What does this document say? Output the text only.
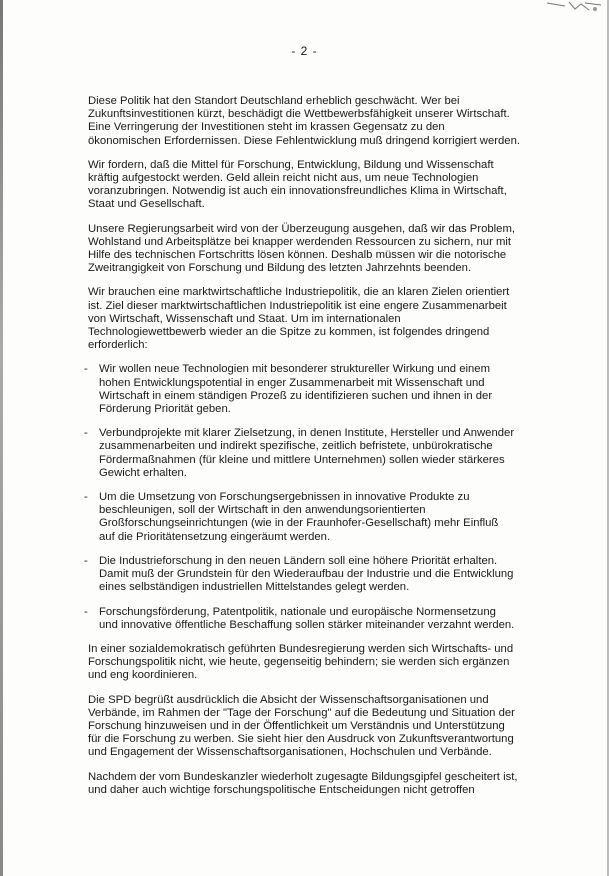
- 2 -
Diese Politik hat den Standort Deutschland erheblich geschwächt. Wer bei
Zukunftsinvestitionen kürzt, beschädigt die Wettbewerbsfähigkeit unserer Wirtschaft.
Eine Verringerung der Investitionen steht im krassen Gegensatz zu den
ökonomischen Erfordernissen. Diese Fehlentwicklung muß dringend korrigiert werden.
Wir fordern, daß die Mittel für Forschung, Entwicklung, Bildung und Wissenschaft
kräftig aufgestockt werden. Geld allein reicht nicht aus, um neue Technologien
voranzubringen. Notwendig ist auch ein innovationsfreundliches Klima in Wirtschaft,
Staat und Gesellschaft.
Unsere Regierungsarbeit wird von der Überzeugung ausgehen, daß wir das Problem,
Wohlstand und Arbeitsplätze bei knapper werdenden Ressourcen zu sichern, nur mit
Hilfe des technischen Fortschritts lösen können. Deshalb müssen wir die notorische
Zweitrangigkeit von Forschung und Bildung des letzten Jahrzehnts beenden.
Wir brauchen eine marktwirtschaftliche Industriepolitik, die an klaren Zielen orientiert
ist. Ziel dieser marktwirtschaftlichen Industriepolitik ist eine engere Zusammenarbeit
von Wirtschaft, Wissenschaft und Staat. Um im internationalen
Technologiewettbewerb wieder an die Spitze zu kommen, ist folgendes dringend
erforderlich:
- Wir wollen neue Technologien mit besonderer struktureller Wirkung und einem
hohen Entwicklungspotential in enger Zusammenarbeit mit Wissenschaft und
Wirtschaft in einem ständigen Prozeß zu identifizieren suchen und ihnen in der
Förderung Priorität geben.
- Verbundprojekte mit klarer Zielsetzung, in denen Institute, Hersteller und Anwender
zusammenarbeiten und indirekt spezifische, zeitlich befristete, unbürokratische
Fördermaßnahmen (für kleine und mittlere Unternehmen) sollen wieder stärkeres
Gewicht erhalten.
- Um die Umsetzung von Forschungsergebnissen in innovative Produkte zu
beschleunigen, soll der Wirtschaft in den anwendungsorientierten
Großforschungseinrichtungen (wie in der Fraunhofer-Gesellschaft) mehr Einfluß
auf die Prioritätensetzung eingeräumt werden.
- Die Industrieforschung in den neuen Ländern soll eine höhere Priorität erhalten.
Damit muß der Grundstein für den Wiederaufbau der Industrie und die Entwicklung
eines selbständigen industriellen Mittelstandes gelegt werden.
- Forschungsförderung, Patentpolitik, nationale und europäische Normensetzung
und innovative öffentliche Beschaffung sollen stärker miteinander verzahnt werden.
In einer sozialdemokratisch geführten Bundesregierung werden sich Wirtschafts- und
Forschungspolitik nicht, wie heute, gegenseitig behindern; sie werden sich ergänzen
und eng koordinieren.
Die SPD begrüßt ausdrücklich die Absicht der Wissenschaftsorganisationen und
Verbände, im Rahmen der "Tage der Forschung" auf die Bedeutung und Situation der
Forschung hinzuweisen und in der Öffentlichkeit um Verständnis und Unterstützung
für die Forschung zu werben. Sie sieht hier den Ausdruck von Zukunftsverantwortung
und Engagement der Wissenschaftsorganisationen, Hochschulen und Verbände.
Nachdem der vom Bundeskanzler wiederholt zugesagte Bildungsgipfel gescheitert ist,
und daher auch wichtige forschungspolitische Entscheidungen nicht getroffen
